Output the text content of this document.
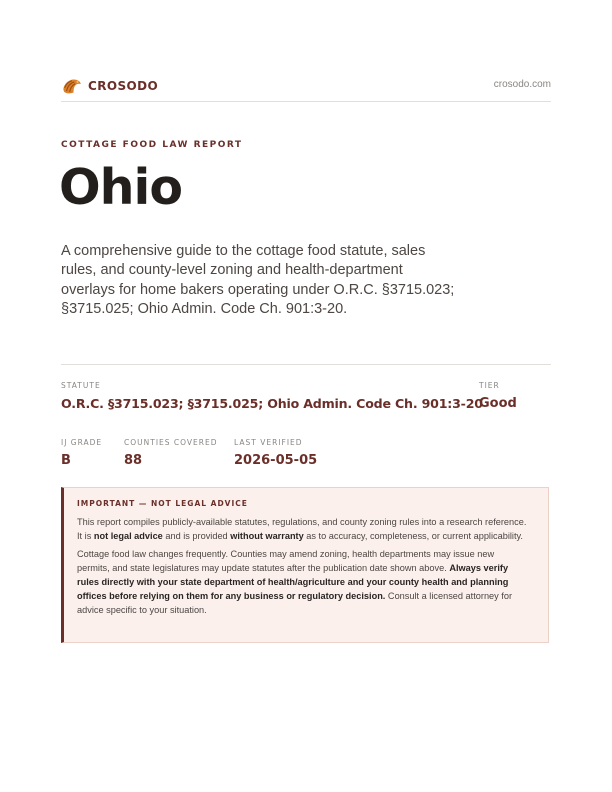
CROSODO	crosodo.com
COTTAGE FOOD LAW REPORT
Ohio

A comprehensive guide to the cottage food statute, sales rules, and county-level zoning and health-department overlays for home bakers operating under O.R.C. §3715.023; §3715.025; Ohio Admin. Code Ch. 901:3-20.

STATUTE
O.R.C. §3715.023; §3715.025; Ohio Admin. Code Ch. 901:3-20
TIER
Good
IJ GRADE
B
COUNTIES COVERED
88
LAST VERIFIED
2026-05-05
IMPORTANT — NOT LEGAL ADVICE

This report compiles publicly-available statutes, regulations, and county zoning rules into a research reference. It is not legal advice and is provided without warranty as to accuracy, completeness, or current applicability.

Cottage food law changes frequently. Counties may amend zoning, health departments may issue new permits, and state legislatures may update statutes after the publication date shown above. Always verify rules directly with your state department of health/agriculture and your county health and planning offices before relying on them for any business or regulatory decision. Consult a licensed attorney for advice specific to your situation.
